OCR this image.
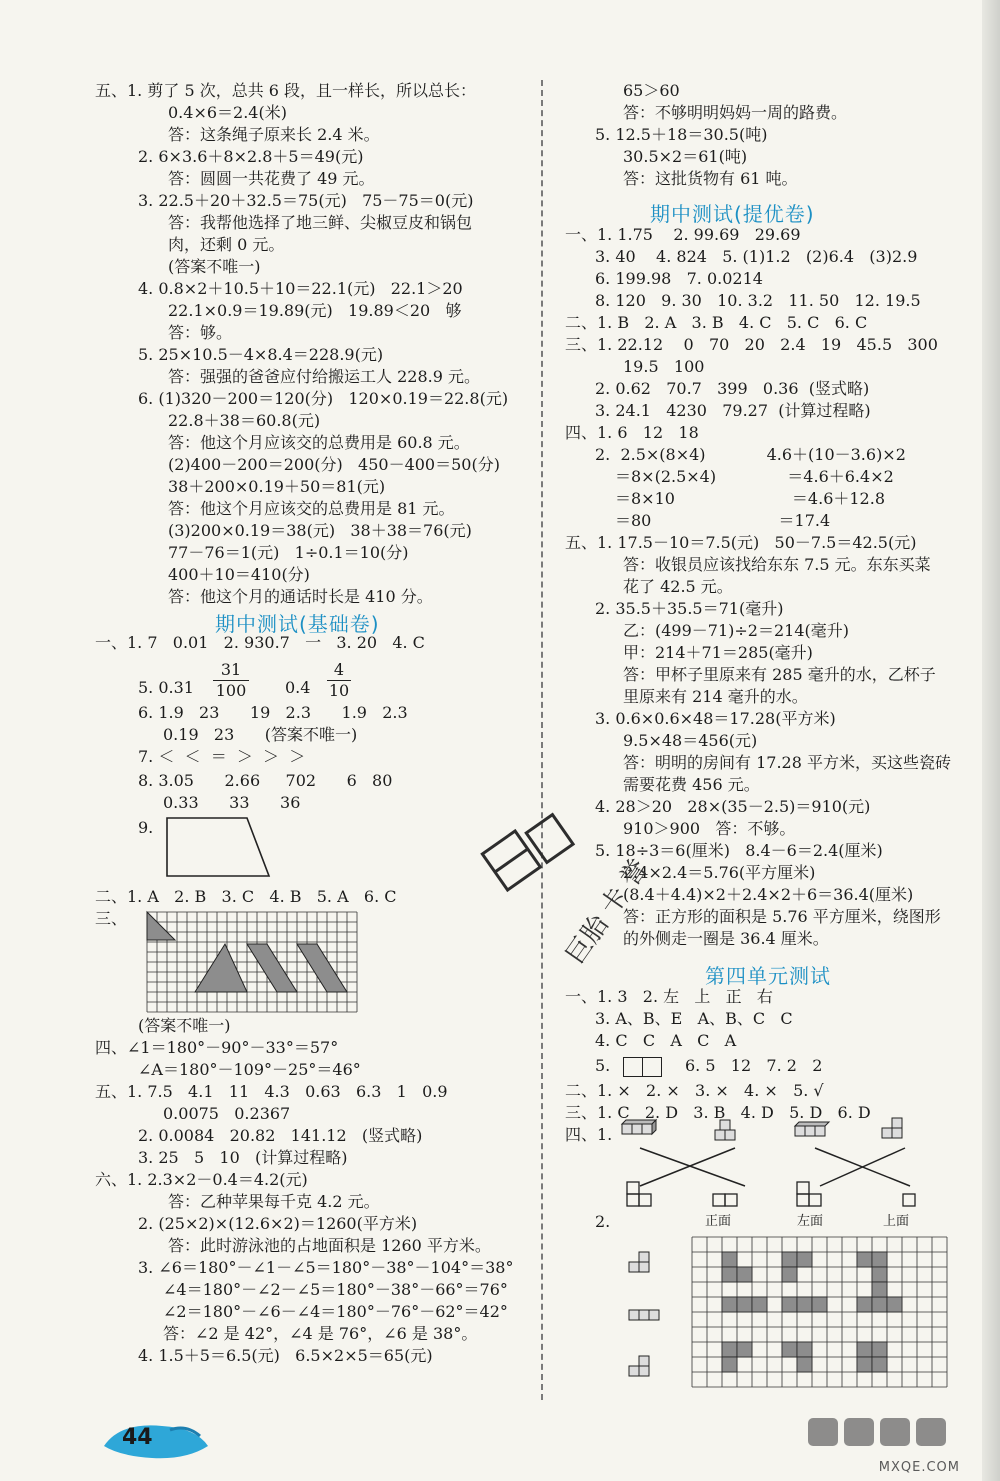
期中测试(基础卷)
31
100
4
10
五、1. 剪了 5 次，总共 6 段，且一样长，所以总长：
0.4×6＝2.4(米)
答：这条绳子原来长 2.4 米。
2. 6×3.6＋8×2.8＋5＝49(元)
答：圆圆一共花费了 49 元。
3. 22.5＋20＋32.5＝75(元)   75－75＝0(元)
答：我帮他选择了地三鲜、尖椒豆皮和锅包
肉，还剩 0 元。
(答案不唯一)
4. 0.8×2＋10.5＋10＝22.1(元)   22.1＞20
22.1×0.9＝19.89(元)   19.89＜20   够
答：够。
5. 25×10.5－4×8.4＝228.9(元)
答：强强的爸爸应付给搬运工人 228.9 元。
6. (1)320－200＝120(分)   120×0.19＝22.8(元)
22.8＋38＝60.8(元)
答：他这个月应该交的总费用是 60.8 元。
(2)400－200＝200(分)   450－400＝50(分)
38＋200×0.19＋50＝81(元)
答：他这个月应该交的总费用是 81 元。
(3)200×0.19＝38(元)   38＋38＝76(元)
77－76＝1(元)   1÷0.1＝10(分)
400＋10＝410(分)
答：他这个月的通话时长是 410 分。
一、1. 7   0.01   2. 930.7   一   3. 20   4. C
5. 0.31	0.4
6. 1.9   23      19   2.3      1.9   2.3
0.19   23      (答案不唯一)
7. ＜  ＜  ＝  ＞  ＞  ＞
8. 3.05      2.66     702      6   80
0.33      33      36
9.
二、1. A   2. B   3. C   4. B   5. A   6. C
三、
(答案不唯一)
四、∠1＝180°－90°－33°＝57°
∠A＝180°－109°－25°＝46°
五、1. 7.5   4.1   11   4.3   0.63   6.3   1   0.9
0.0075   0.2367
2. 0.0084   20.82   141.12   (竖式略)
3. 25   5   10   (计算过程略)
六、1. 2.3×2－0.4＝4.2(元)
答：乙种苹果每千克 4.2 元。
2. (25×2)×(12.6×2)＝1260(平方米)
答：此时游泳池的占地面积是 1260 平方米。
3. ∠6＝180°－∠1－∠5＝180°－38°－104°＝38°
∠4＝180°－∠2－∠5＝180°－38°－66°＝76°
∠2＝180°－∠6－∠4＝180°－76°－62°＝42°
答：∠2 是 42°，∠4 是 76°，∠6 是 38°。
4. 1.5＋5＝6.5(元)   6.5×2×5＝65(元)
期中测试(提优卷)
第四单元测试
正面	左面	上面
65＞60
答：不够明明妈妈一周的路费。
5. 12.5＋18＝30.5(吨)
30.5×2＝61(吨)
答：这批货物有 61 吨。
一、1. 1.75    2. 99.69   29.69
3. 40    4. 824   5. (1)1.2   (2)6.4   (3)2.9
6. 199.98   7. 0.0214
8. 120   9. 30   10. 3.2   11. 50   12. 19.5
二、1. B   2. A   3. B   4. C   5. C   6. C
三、1. 22.12    0   70   20   2.4   19   45.5   300
19.5   100
2. 0.62   70.7   399   0.36  (竖式略)
3. 24.1   4230   79.27  (计算过程略)
四、1. 6   12   18
2.  2.5×(8×4)            4.6＋(10－3.6)×2
＝8×(2.5×4)              ＝4.6＋6.4×2
＝8×10                       ＝4.6＋12.8
＝80                         ＝17.4
五、1. 17.5－10＝7.5(元)   50－7.5＝42.5(元)
答：收银员应该找给东东 7.5 元。东东买菜
花了 42.5 元。
2. 35.5＋35.5＝71(毫升)
乙：(499－71)÷2＝214(毫升)
甲：214＋71＝285(毫升)
答：甲杯子里原来有 285 毫升的水，乙杯子
里原来有 214 毫升的水。
3. 0.6×0.6×48＝17.28(平方米)
9.5×48＝456(元)
答：明明的房间有 17.28 平方米，买这些瓷砖
需要花费 456 元。
4. 28＞20   28×(35－2.5)＝910(元)
910＞900   答：不够。
5. 18÷3＝6(厘米)   8.4－6＝2.4(厘米)
2.4×2.4＝5.76(平方厘米)
(8.4＋4.4)×2＋2.4×2＋6＝36.4(厘米)
答：正方形的面积是 5.76 平方厘米，绕图形
的外侧走一圈是 36.4 厘米。
一、1. 3   2. 左   上   正   右
3. A、B、E   A、B、C   C
4. C   C   A   C   A
5.	6. 5   12   7. 2   2
二、1. ×   2. ×   3. ×   4. ×   5. √
三、1. C   2. D   3. B   4. D   5. D   6. D
四、1.
2.
巨胎 卡 誉
44
MXQE.COM
